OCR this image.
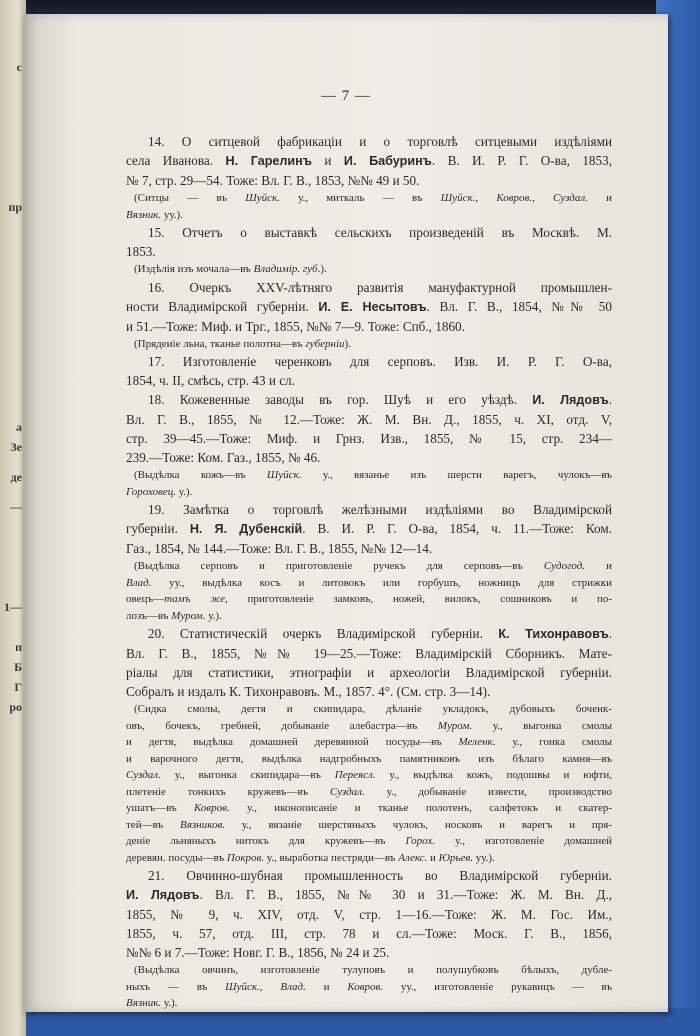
с
пр
а
Зе
де
—
1—
п
Б
Г
ро
— 7 —
14. О ситцевой фабрикаціи и о торговлѣ ситцевыми издѣліями
села Иванова. Н. Гарелинъ и И. Бабуринъ. В. И. Р. Г. О-ва, 1853,
№ 7, стр. 29—54. Тоже: Вл. Г. В., 1853, №№ 49 и 50.
(Ситцы — въ Шуйск. у., миткаль — въ Шуйск., Ковров., Суздал. и
Вязник. уу.).
15. Отчетъ о выставкѣ сельскихъ произведеній въ Москвѣ. М.
1853.
(Издѣлія изъ мочала—въ Владимір. губ.).
16. Очеркъ XXV-лѣтняго развитія мануфактурной промышлен-
ности Владимірской губерніи. И. Е. Несытовъ. Вл. Г. В., 1854, №№ 50
и 51.—Тоже: Миф. и Трг., 1855, №№ 7—9. Тоже: Спб., 1860.
(Прядеиіе льна, тканье полотна—въ губерніи).
17. Изготовленіе черенковъ для серповъ. Изв. И. Р. Г. О-ва,
1854, ч. II, смѣсь, стр. 43 и сл.
18. Кожевенные заводы въ гор. Шуѣ и его уѣздѣ. И. Лядовъ.
Вл. Г. В., 1855, № 12.—Тоже: Ж. М. Вн. Д., 1855, ч. XI, отд. V,
стр. 39—45.—Тоже: Миф. и Грнз. Изв., 1855, № 15, стр. 234—
239.—Тоже: Ком. Газ., 1855, № 46.
(Выдѣлка кожъ—въ Шуйск. у., вязанье изъ шерсти варегъ, чулокъ—въ
Гороховец. у.).
19. Замѣтка о торговлѣ желѣзными издѣліями во Владимірской
губерніи. Н. Я. Дубенскій. В. И. Р. Г. О-ва, 1854, ч. 11.—Тоже: Ком.
Газ., 1854, № 144.—Тоже: Вл. Г. В., 1855, №№ 12—14.
(Выдѣлка серповъ и приготовленіе ручекъ для серповъ—въ Судогод. и
Влад. уу., выдѣлка косъ и литовокъ или горбушъ, ножницъ для стрижки
овецъ—тамъ же, приготовленіе замковъ, ножей, вилокъ, сошниковъ и по-
лозъ—въ Муром. у.).
20. Статистическій очеркъ Владимірской губерніи. К. Тихонравовъ.
Вл. Г. В., 1855, №№ 19—25.—Тоже: Владимірскій Сборникъ. Мате-
ріалы для статистики, этнографіи и археологіи Владимірской губерніи.
Собралъ и издалъ К. Тихонравовъ. М., 1857. 4°. (См. стр. 3—14).
(Сидка смолы, дегтя и скипидара, дѣланіе укладокъ, дубовыхъ боченк-
овъ, бочекъ, гребней, добываніе алебастра—въ Муром. у., выгонка смолы
и дегтя, выдѣлка домашней деревянной посуды—въ Меленк. у., гонка смолы
и варочного дегтя, выдѣлка надгробныхъ памятниковъ изъ бѣлаго камня—въ
Суздал. у., выгонка скипидара—въ Переясл. у., выдѣлка кожъ, подошвы и юфти,
плетеніе тонкихъ кружевъ—въ Суздал. у., добываніе извести, производство
ушатъ—въ Ковров. у., иконописаніе и тканье полотенъ, салфетокъ и скатер-
тей—въ Вязников. у., вязаніе шерстяныхъ чулокъ, носковъ и варегъ и пря-
деніе льняныхъ нитокъ для кружевъ—въ Горох. у., изготовленіе домашней
деревян. посуды—въ Покров. у., выработка пестряди—въ Алекс. и Юрьев. уу.).
21. Овчинно-шубная промышленность во Владимірской губерніи.
И. Лядовъ. Вл. Г. В., 1855, №№ 30 и 31.—Тоже: Ж. М. Вн. Д.,
1855, № 9, ч. XIV, отд. V, стр. 1—16.—Тоже: Ж. М. Гос. Им.,
1855, ч. 57, отд. III, стр. 78 и сл.—Тоже: Моск. Г. В., 1856,
№№ 6 и 7.—Тоже: Новг. Г. В., 1856, № 24 и 25.
(Выдѣлка овчинъ, изготовленіе тулуповъ и полушубковъ бѣлыхъ, дубле-
ныхъ — въ Шуйск., Влад. и Ковров. уу., изготовленіе рукавицъ — въ
Вязник. у.).
